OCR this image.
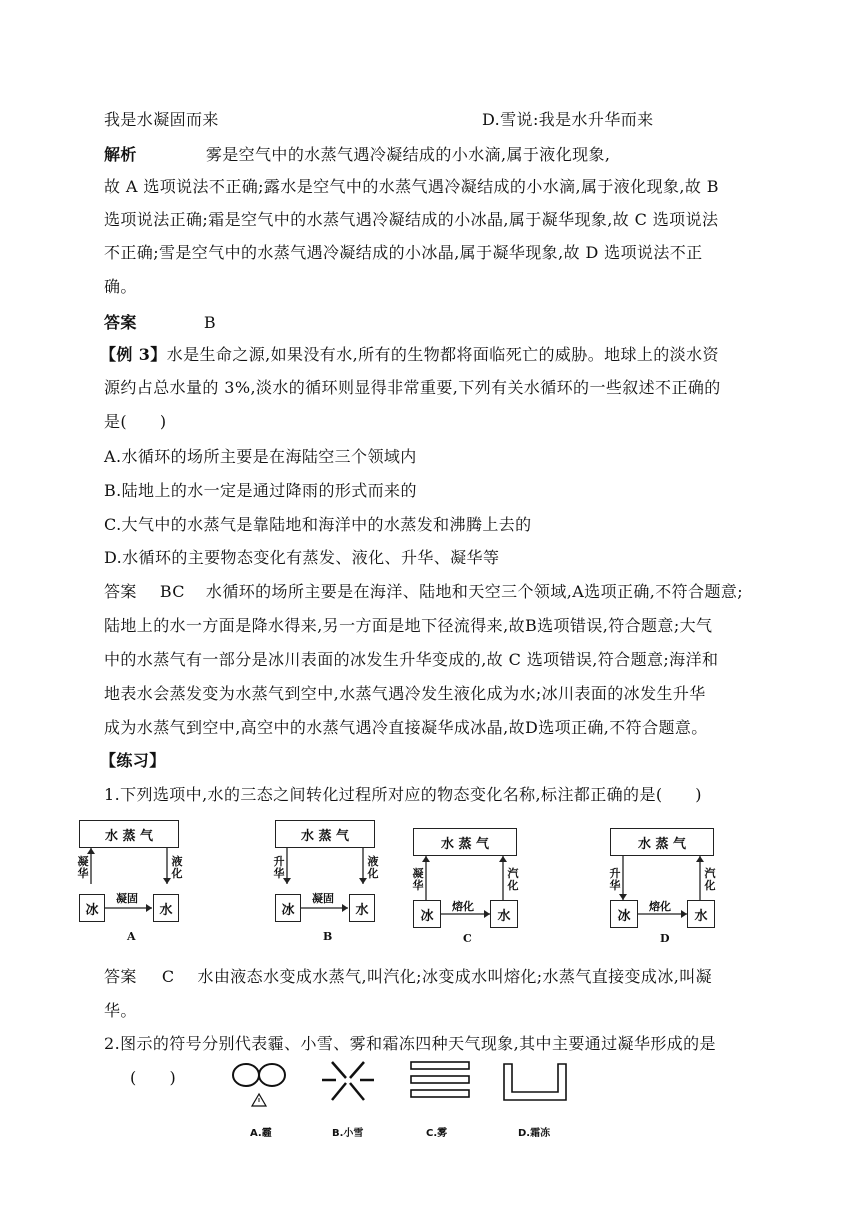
我是水凝固而来	D.雪说:我是水升华而来
解析	雾是空气中的水蒸气遇冷凝结成的小水滴,属于液化现象,
故 A 选项说法不正确;露水是空气中的水蒸气遇冷凝结成的小水滴,属于液化现象,故 B
选项说法正确;霜是空气中的水蒸气遇冷凝结成的小冰晶,属于凝华现象,故 C 选项说法
不正确;雪是空气中的水蒸气遇冷凝结成的小冰晶,属于凝华现象,故 D 选项说法不正
确。
答案	B
【例 3】水是生命之源,如果没有水,所有的生物都将面临死亡的威胁。地球上的淡水资
源约占总水量的 3%,淡水的循环则显得非常重要,下列有关水循环的一些叙述不正确的
是(　　)
A.水循环的场所主要是在海陆空三个领域内
B.陆地上的水一定是通过降雨的形式而来的
C.大气中的水蒸气是靠陆地和海洋中的水蒸发和沸腾上去的
D.水循环的主要物态变化有蒸发、液化、升华、凝华等
答案 BC 水循环的场所主要是在海洋、陆地和天空三个领域,A选项正确,不符合题意;
陆地上的水一方面是降水得来,另一方面是地下径流得来,故B选项错误,符合题意;大气
中的水蒸气有一部分是冰川表面的冰发生升华变成的,故 C 选项错误,符合题意;海洋和
地表水会蒸发变为水蒸气到空中,水蒸气遇冷发生液化成为水;冰川表面的冰发生升华
成为水蒸气到空中,高空中的水蒸气遇冷直接凝华成冰晶,故D选项正确,不符合题意。
【练习】
1.下列选项中,水的三态之间转化过程所对应的物态变化名称,标注都正确的是(　　)
水 蒸 气
凝华
液化
冰	水
凝固
A
水 蒸 气
升华
液化
冰	水
凝固
B
水 蒸 气
凝华
汽化
冰	水
熔化
C
水 蒸 气
升华
汽化
冰	水
熔化
D
答案 C 水由液态水变成水蒸气,叫汽化;冰变成水叫熔化;水蒸气直接变成冰,叫凝
华。
2.图示的符号分别代表霾、小雪、雾和霜冻四种天气现象,其中主要通过凝华形成的是
(　　)
A.霾	B.小雪	C.雾	D.霜冻
